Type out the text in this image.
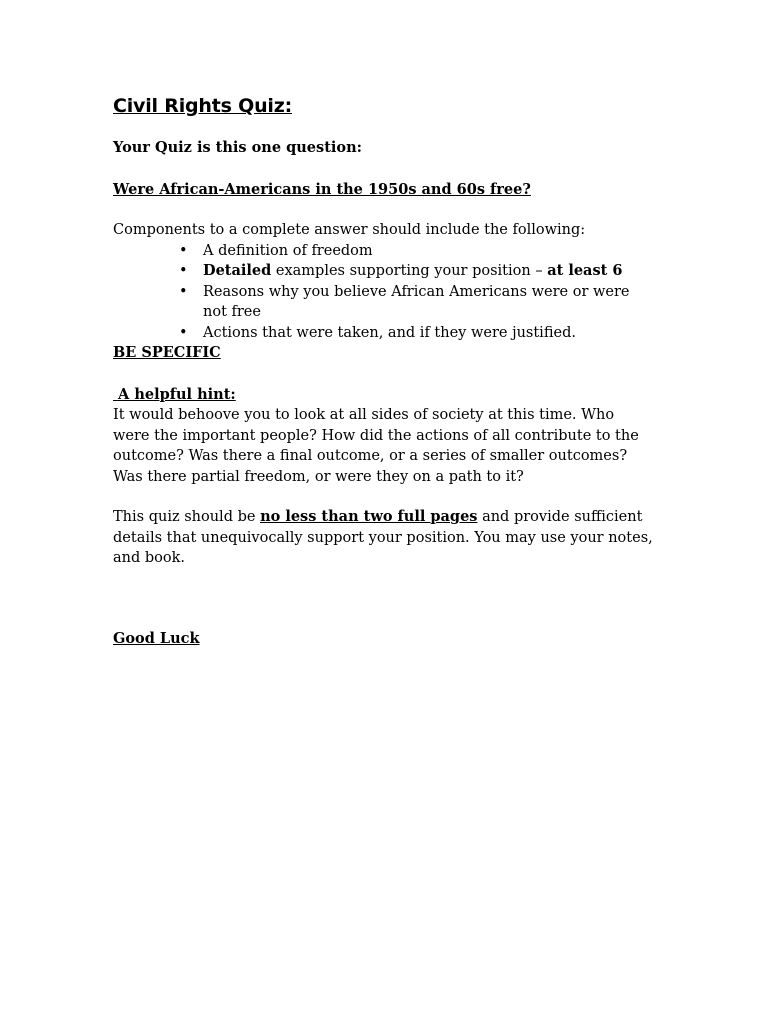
Civil Rights Quiz:

Your Quiz is this one question:

Were African-Americans in the 1950s and 60s free?

Components to a complete answer should include the following:

• A definition of freedom
• Detailed examples supporting your position – at least 6
• Reasons why you believe African Americans were or were not free
• Actions that were taken, and if they were justified.

BE SPECIFIC

A helpful hint:

It would behoove you to look at all sides of society at this time. Who were the important people? How did the actions of all contribute to the outcome? Was there a final outcome, or a series of smaller outcomes? Was there partial freedom, or were they on a path to it?

This quiz should be no less than two full pages and provide sufficient details that unequivocally support your position. You may use your notes, and book.

Good Luck
